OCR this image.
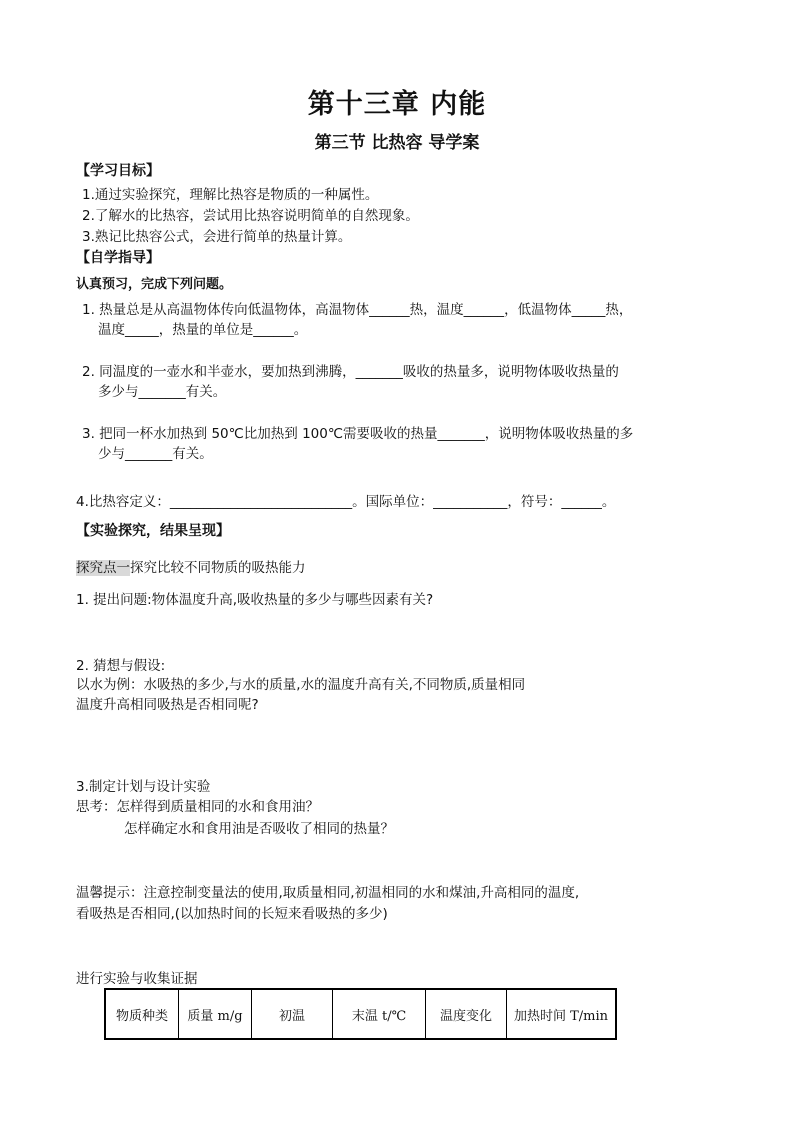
第十三章 内能
第三节 比热容 导学案
【学习目标】
1.通过实验探究，理解比热容是物质的一种属性。
2.了解水的比热容，尝试用比热容说明简单的自然现象。
3.熟记比热容公式，会进行简单的热量计算。
【自学指导】
认真预习，完成下列问题。
1. 热量总是从高温物体传向低温物体，高温物体______热，温度______，低温物体_____热，
温度_____，热量的单位是______。
2. 同温度的一壶水和半壶水，要加热到沸腾，_______吸收的热量多，说明物体吸收热量的
多少与_______有关。
3. 把同一杯水加热到 50℃比加热到 100℃需要吸收的热量_______，说明物体吸收热量的多
少与_______有关。
4.比热容定义：___________________________。国际单位：___________，符号：______。
【实验探究，结果呈现】
探究点一探究比较不同物质的吸热能力
1. 提出问题:物体温度升高,吸收热量的多少与哪些因素有关?
2. 猜想与假设:
以水为例：水吸热的多少,与水的质量,水的温度升高有关,不同物质,质量相同
温度升高相同吸热是否相同呢?
3.制定计划与设计实验
思考：怎样得到质量相同的水和食用油？
怎样确定水和食用油是否吸收了相同的热量？
温馨提示：注意控制变量法的使用,取质量相同,初温相同的水和煤油,升高相同的温度,
看吸热是否相同,(以加热时间的长短来看吸热的多少)
进行实验与收集证据
物质种类	质量 m/g	初温	末温 t/℃	温度变化	加热时间 T/min
